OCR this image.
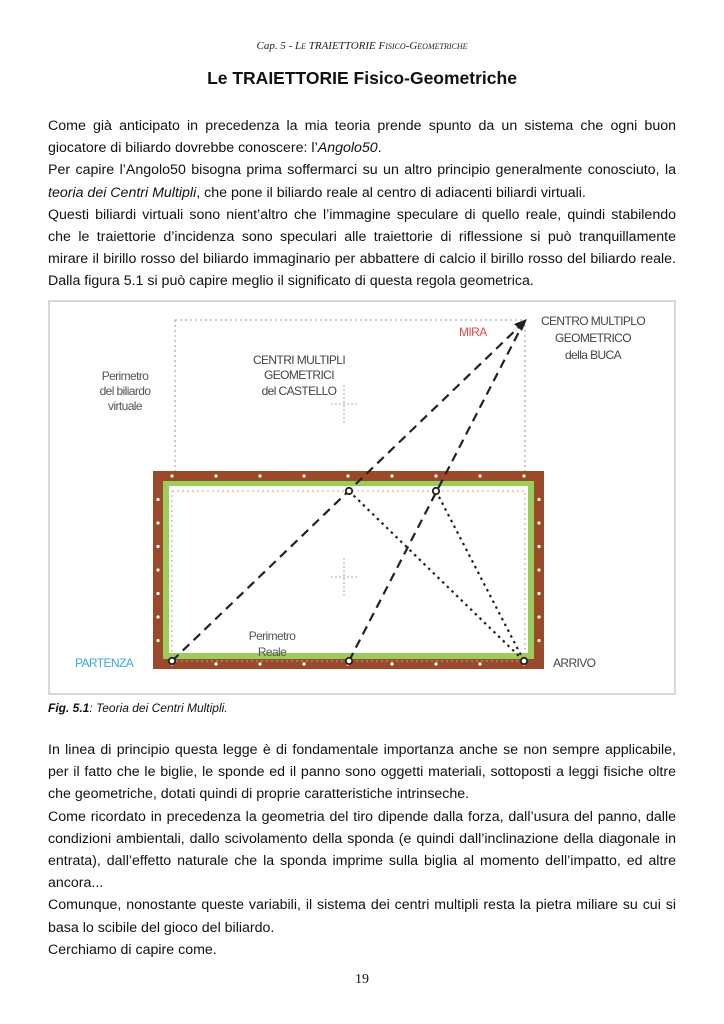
Cap. 5 - Le TRAIETTORIE Fisico-Geometriche
Le TRAIETTORIE Fisico-Geometriche

Come già anticipato in precedenza la mia teoria prende spunto da un sistema che ogni buon giocatore di biliardo dovrebbe conoscere: l’Angolo50.

Per capire l’Angolo50 bisogna prima soffermarci su un altro principio generalmente conosciuto, la teoria dei Centri Multipli, che pone il biliardo reale al centro di adiacenti biliardi virtuali.

Questi biliardi virtuali sono nient’altro che l’immagine speculare di quello reale, quindi stabilendo che le traiettorie d’incidenza sono speculari alle traiettorie di riflessione si può tranquillamente mirare il birillo rosso del biliardo immaginario per abbattere di calcio il birillo rosso del biliardo reale. Dalla figura 5.1 si può capire meglio il significato di questa regola geometrica.

Perimetro
del biliardo
virtuale
CENTRI MULTIPLI
GEOMETRICI
del CASTELLO
MIRA
CENTRO MULTIPLO
GEOMETRICO
della BUCA
Perimetro
Reale
PARTENZA	ARRIVO
Fig. 5.1: Teoria dei Centri Multipli.

In linea di principio questa legge è di fondamentale importanza anche se non sempre applicabile, per il fatto che le biglie, le sponde ed il panno sono oggetti materiali, sottoposti a leggi fisiche oltre che geometriche, dotati quindi di proprie caratteristiche intrinseche.

Come ricordato in precedenza la geometria del tiro dipende dalla forza, dall’usura del panno, dalle condizioni ambientali, dallo scivolamento della sponda (e quindi dall’inclinazione della diagonale in entrata), dall’effetto naturale che la sponda imprime sulla biglia al momento dell’impatto, ed altre ancora...

Comunque, nonostante queste variabili, il sistema dei centri multipli resta la pietra miliare su cui si basa lo scibile del gioco del biliardo.

Cerchiamo di capire come.

19
